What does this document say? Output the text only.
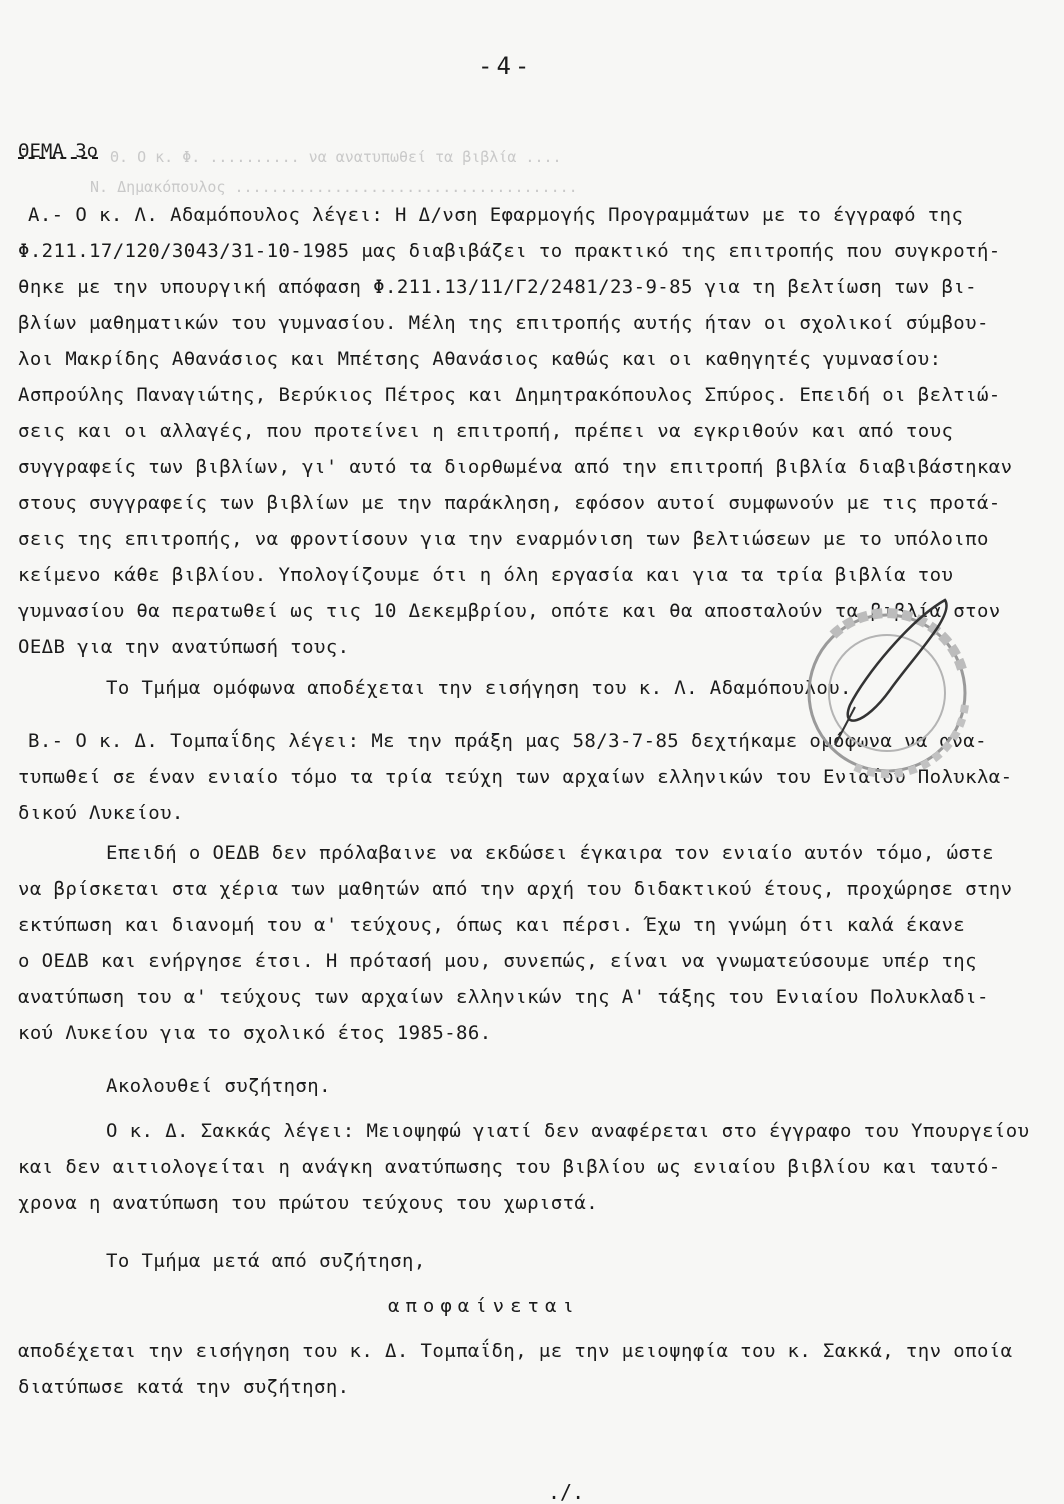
Θ. Ο κ. Φ. .......... να ανατυπωθεί τα βιβλία ....
Ν. Δημακόπουλος ......................................
-4-
ΘΕΜΑ 3ο

Α.- Ο κ. Λ. Αδαμόπουλος λέγει: Η Δ/νση Εφαρμογής Προγραμμάτων με το έγγραφό της

Φ.211.17/120/3043/31-10-1985 μας διαβιβάζει το πρακτικό της επιτροπής που συγκροτή-

θηκε με την υπουργική απόφαση Φ.211.13/11/Γ2/2481/23-9-85 για τη βελτίωση των βι-

βλίων μαθηματικών του γυμνασίου. Μέλη της επιτροπής αυτής ήταν οι σχολικοί σύμβου-

λοι Μακρίδης Αθανάσιος και Μπέτσης Αθανάσιος καθώς και οι καθηγητές γυμνασίου:

Ασπρούλης Παναγιώτης, Βερύκιος Πέτρος και Δημητρακόπουλος Σπύρος. Επειδή οι βελτιώ-

σεις και οι αλλαγές, που προτείνει η επιτροπή, πρέπει να εγκριθούν και από τους

συγγραφείς των βιβλίων, γι' αυτό τα διορθωμένα από την επιτροπή βιβλία διαβιβάστηκαν

στους συγγραφείς των βιβλίων με την παράκληση, εφόσον αυτοί συμφωνούν με τις προτά-

σεις της επιτροπής, να φροντίσουν για την εναρμόνιση των βελτιώσεων με το υπόλοιπο

κείμενο κάθε βιβλίου. Υπολογίζουμε ότι η όλη εργασία και για τα τρία βιβλία του

γυμνασίου θα περατωθεί ως τις 10 Δεκεμβρίου, οπότε και θα αποσταλούν τα βιβλία στον

ΟΕΔΒ για την ανατύπωσή τους.

Το Τμήμα ομόφωνα αποδέχεται την εισήγηση του κ. Λ. Αδαμόπουλου.

Β.- Ο κ. Δ. Τομπαΐδης λέγει: Με την πράξη μας 58/3-7-85 δεχτήκαμε ομόφωνα να ανα-

τυπωθεί σε έναν ενιαίο τόμο τα τρία τεύχη των αρχαίων ελληνικών του Ενιαίου Πολυκλα-

δικού Λυκείου.

Επειδή ο ΟΕΔΒ δεν πρόλαβαινε να εκδώσει έγκαιρα τον ενιαίο αυτόν τόμο, ώστε

να βρίσκεται στα χέρια των μαθητών από την αρχή του διδακτικού έτους, προχώρησε στην

εκτύπωση και διανομή του α' τεύχους, όπως και πέρσι. Έχω τη γνώμη ότι καλά έκανε

ο ΟΕΔΒ και ενήργησε έτσι. Η πρότασή μου, συνεπώς, είναι να γνωματεύσουμε υπέρ της

ανατύπωση του α' τεύχους των αρχαίων ελληνικών της Α' τάξης του Ενιαίου Πολυκλαδι-

κού Λυκείου για το σχολικό έτος 1985-86.

Ακολουθεί συζήτηση.

Ο κ. Δ. Σακκάς λέγει: Μειοψηφώ γιατί δεν αναφέρεται στο έγγραφο του Υπουργείου

και δεν αιτιολογείται η ανάγκη ανατύπωσης του βιβλίου ως ενιαίου βιβλίου και ταυτό-

χρονα η ανατύπωση του πρώτου τεύχους του χωριστά.

Το Τμήμα μετά από συζήτηση,

αποφαίνεται

αποδέχεται την εισήγηση του κ. Δ. Τομπαΐδη, με την μειοψηφία του κ. Σακκά, την οποία

διατύπωσε κατά την συζήτηση.

./.
